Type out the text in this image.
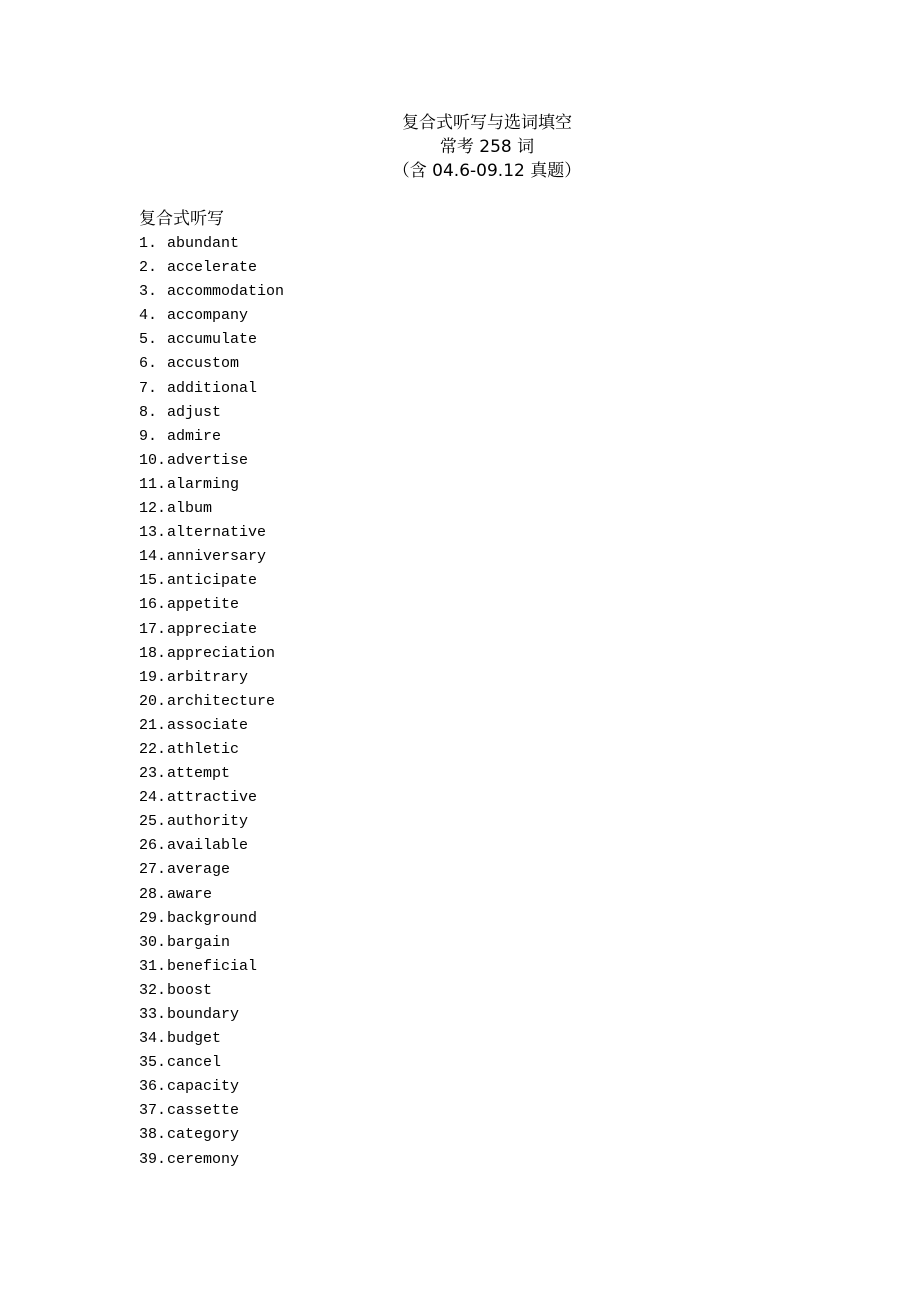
复合式听写与选词填空
常考 258 词
（含 04.6-09.12 真题）
复合式听写
1. abundant
2. accelerate
3. accommodation
4. accompany
5. accumulate
6. accustom
7. additional
8. adjust
9. admire
10.advertise
11.alarming
12.album
13.alternative
14.anniversary
15.anticipate
16.appetite
17.appreciate
18.appreciation
19.arbitrary
20.architecture
21.associate
22.athletic
23.attempt
24.attractive
25.authority
26.available
27.average
28.aware
29.background
30.bargain
31.beneficial
32.boost
33.boundary
34.budget
35.cancel
36.capacity
37.cassette
38.category
39.ceremony
